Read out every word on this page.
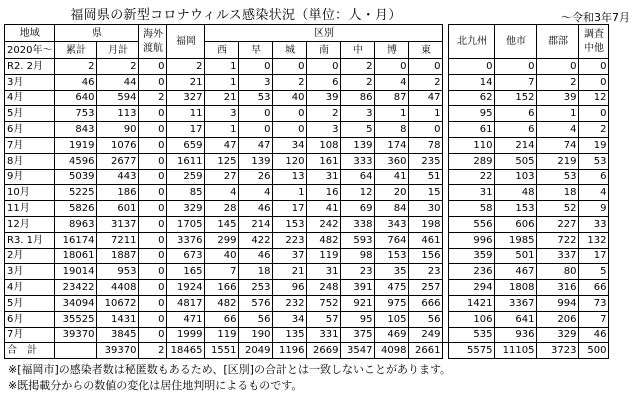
福岡県の新型コロナウィルス感染状況（単位：人・月）	～令和3年7月
地域	県		海外渡航	福岡	区別								北九州	他市	郡部	調査中他
2020年～	累計	月計			西	早	城	南	中	博	東					
R2. 2月	2	2	0	2	1	0	0	0	2	0	0		0	0	0	0
3月	46	44	0	21	1	3	2	6	2	4	2		14	7	2	0
4月	640	594	2	327	21	53	40	39	86	87	47		62	152	39	12
5月	753	113	0	11	3	0	0	2	3	1	1		95	6	1	0
6月	843	90	0	17	1	0	0	3	5	8	0		61	6	4	2
7月	1919	1076	0	659	47	47	34	108	139	174	78		110	214	74	19
8月	4596	2677	0	1611	125	139	120	161	333	360	235		289	505	219	53
9月	5039	443	0	259	27	26	13	31	64	41	51		22	103	53	6
10月	5225	186	0	85	4	4	1	16	12	20	15		31	48	18	4
11月	5826	601	0	329	28	46	17	41	69	84	30		58	153	52	9
12月	8963	3137	0	1705	145	214	153	242	338	343	198		556	606	227	33
R3. 1月	16174	7211	0	3376	299	422	223	482	593	764	461		996	1985	722	132
2月	18061	1887	0	673	40	46	37	119	98	153	156		359	501	337	17
3月	19014	953	0	165	7	18	21	31	23	35	23		236	467	80	5
4月	23422	4408	0	1924	166	253	96	248	391	475	257		294	1808	316	66
5月	34094	10672	0	4817	482	576	232	752	921	975	666		1421	3367	994	73
6月	35525	1431	0	471	66	56	34	57	95	105	56		106	641	206	7
7月	39370	3845	0	1999	119	190	135	331	375	469	249		535	936	329	46
合　計		39370	2	18465	1551	2049	1196	2669	3547	4098	2661		5575	11105	3723	500
※[福岡市]の感染者数は秘匿数もあるため、[区別]の合計とは一致しないことがあります。
※既掲載分からの数値の変化は居住地判明によるものです。
